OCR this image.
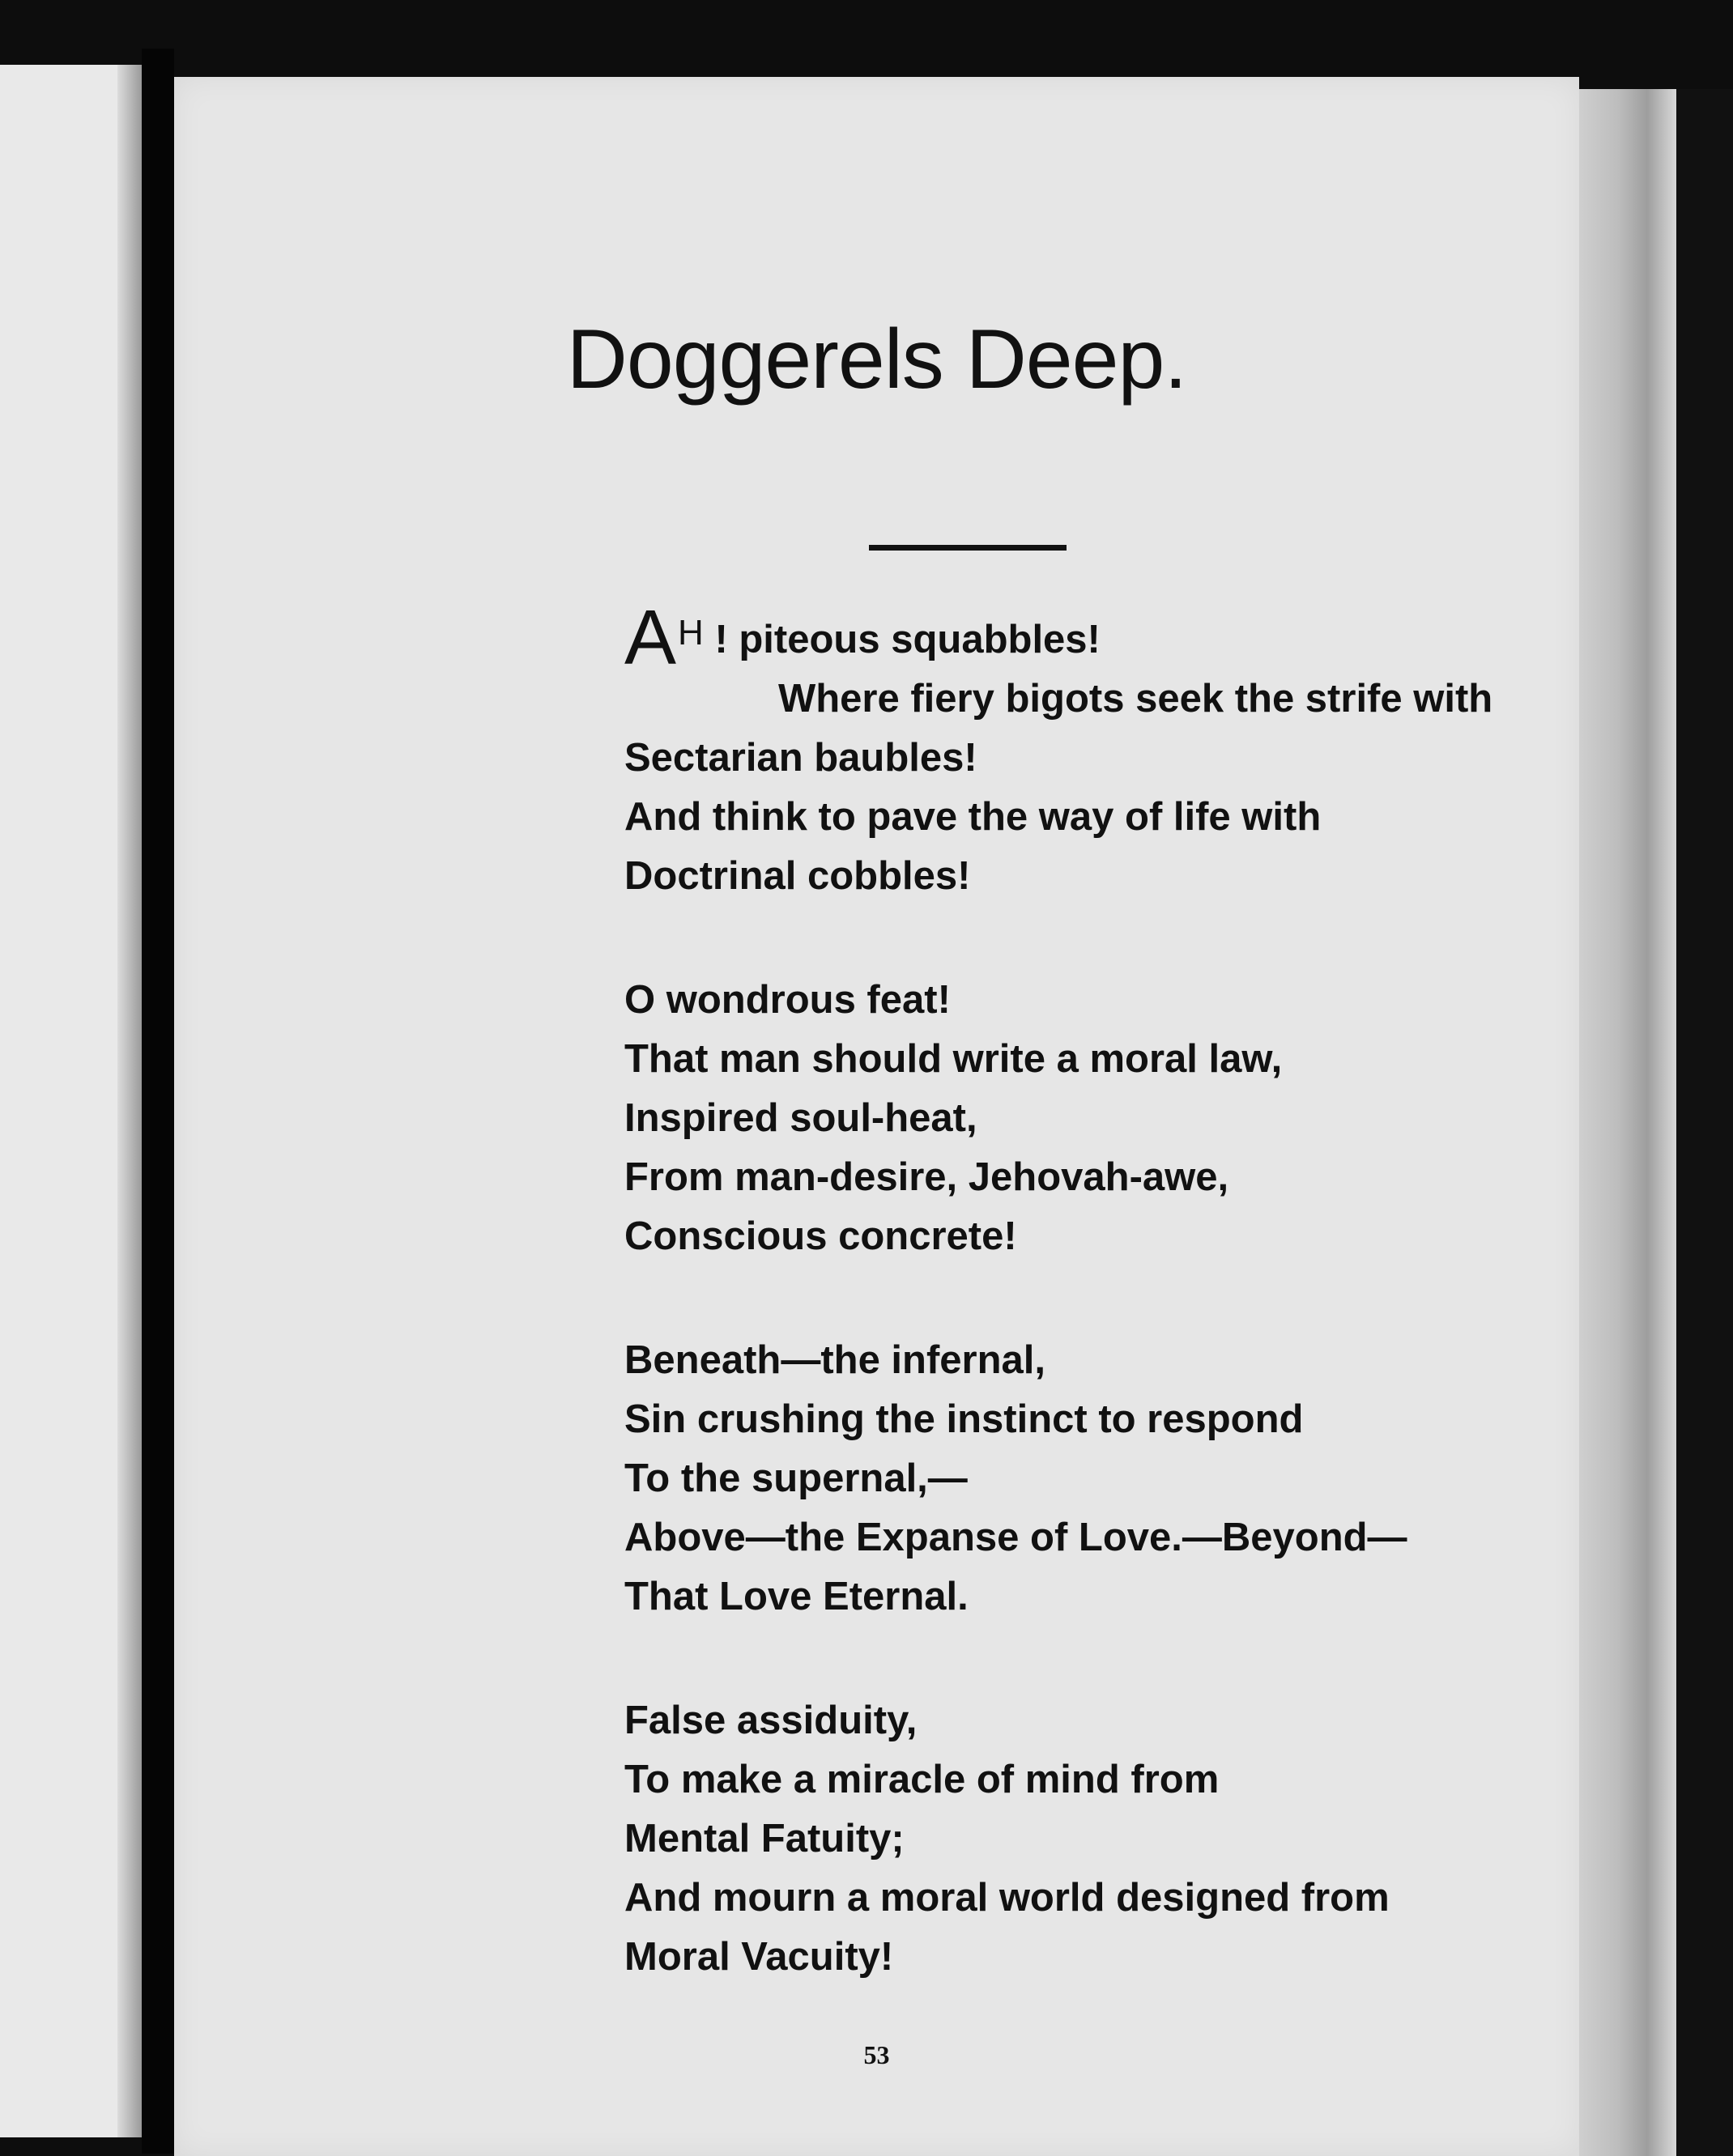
Doggerels Deep.
AH ! piteous squabbles!
Where fiery bigots seek the strife with
Sectarian baubles!
And think to pave the way of life with
Doctrinal cobbles!
O wondrous feat!
That man should write a moral law,
Inspired soul-heat,
From man-desire, Jehovah-awe,
Conscious concrete!
Beneath—the infernal,
Sin crushing the instinct to respond
To the supernal,—
Above—the Expanse of Love.—Beyond—
That Love Eternal.
False assiduity,
To make a miracle of mind from
Mental Fatuity;
And mourn a moral world designed from
Moral Vacuity!
53
